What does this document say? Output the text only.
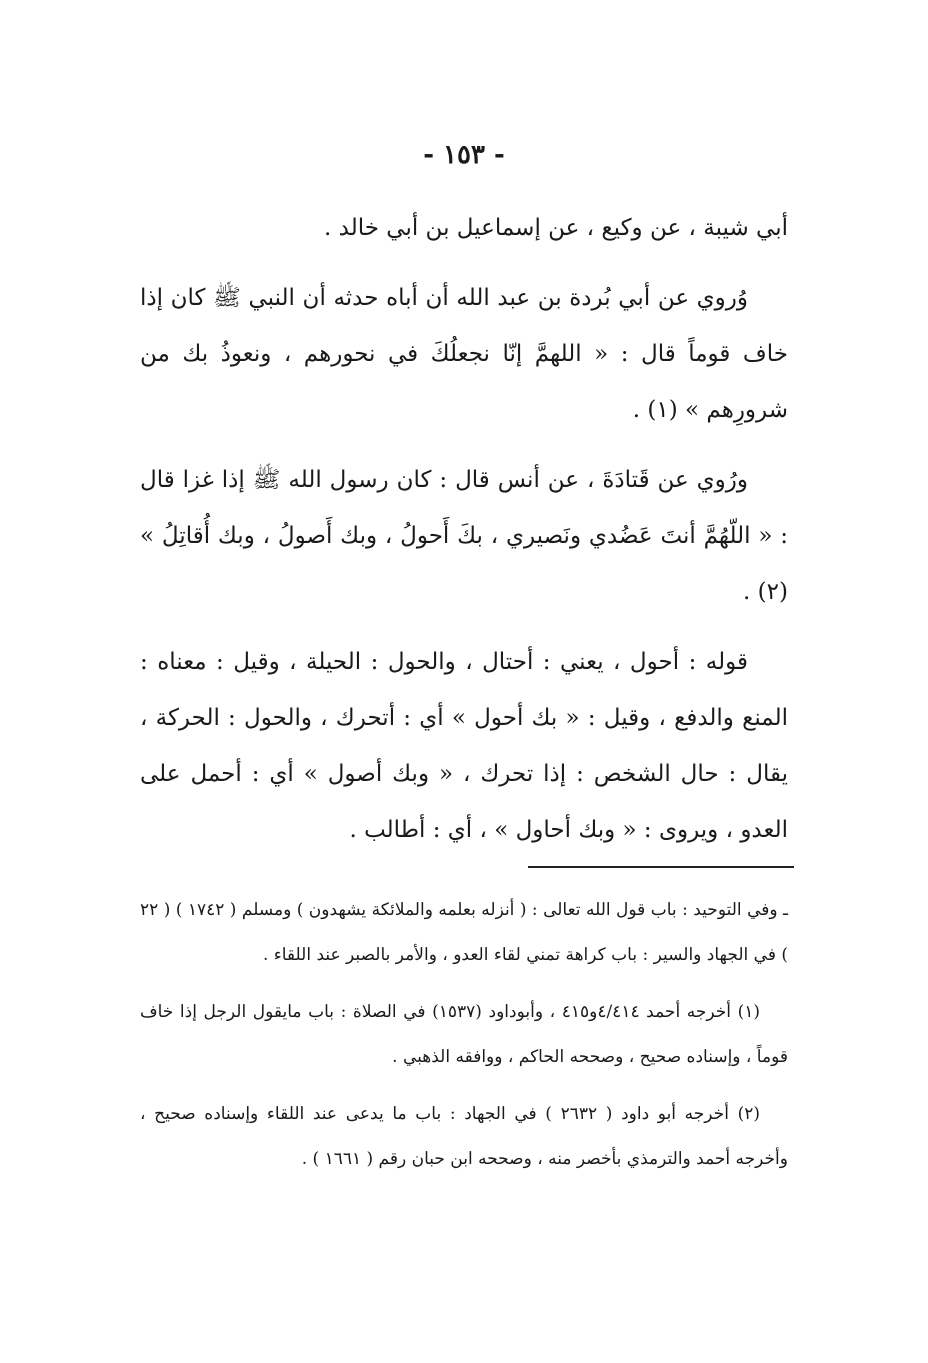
- ١٥٣ -

أبي شيبة ، عن وكيع ، عن إسماعيل بن أبي خالد .

وُروي عن أبي بُردة بن عبد الله أن أباه حدثه أن النبي ﷺ كان إذا خاف قوماً قال : « اللهمَّ إنّا نجعلُكَ في نحورهم ، ونعوذُ بك من شرورِهم » (١) .

ورُوي عن قَتادَةَ ، عن أنس قال : كان رسول الله ﷺ إذا غزا قال : « اللّهُمَّ أنتَ عَضُدي ونَصيري ، بكَ أَحولُ ، وبك أَصولُ ، وبك أُقاتِلُ » (٢) .

قوله : أحول ، يعني : أحتال ، والحول : الحيلة ، وقيل : معناه : المنع والدفع ، وقيل : « بك أحول » أي : أتحرك ، والحول : الحركة ، يقال : حال الشخص : إذا تحرك ، « وبك أصول » أي : أحمل على العدو ، ويروى : « وبك أحاول » ، أي : أطالب .

ـ وفي التوحيد : باب قول الله تعالى : ( أنزله بعلمه والملائكة يشهدون ) ومسلم ( ١٧٤٢ ) ( ٢٢ ) في الجهاد والسير : باب كراهة تمني لقاء العدو ، والأمر بالصبر عند اللقاء .

(١) أخرجه أحمد ٤/٤١٤و٤١٥ ، وأبوداود (١٥٣٧) في الصلاة : باب مايقول الرجل إذا خاف قوماً ، وإسناده صحيح ، وصححه الحاكم ، ووافقه الذهبي .

(٢) أخرجه أبو داود ( ٢٦٣٢ ) في الجهاد : باب ما يدعى عند اللقاء وإسناده صحيح ، وأخرجه أحمد والترمذي بأخصر منه ، وصححه ابن حبان رقم ( ١٦٦١ ) .
